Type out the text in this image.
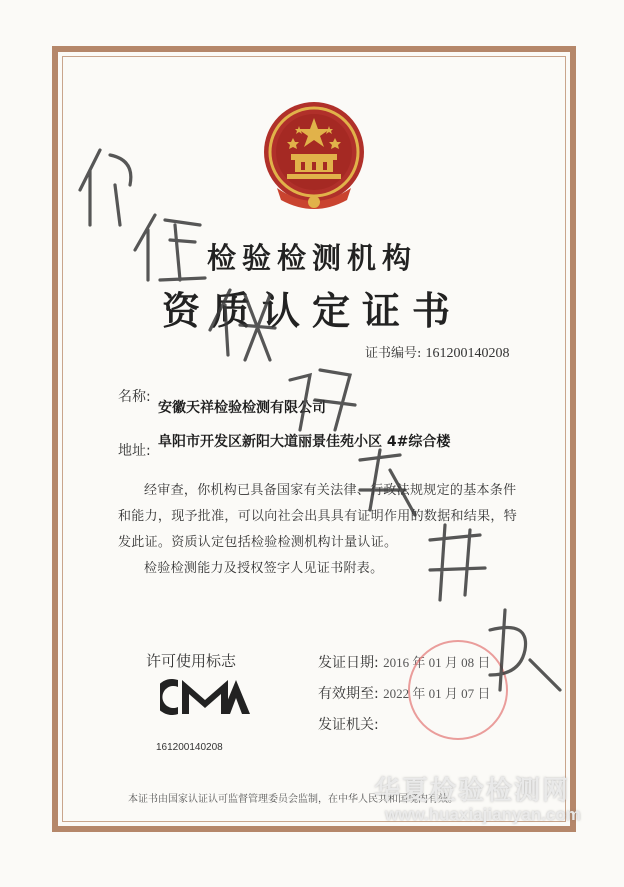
检验检测机构
资质认定证书
证书编号: 161200140208
名称:
安徽天祥检验检测有限公司
地址:
阜阳市开发区新阳大道丽景佳苑小区 4#综合楼

经审查，你机构已具备国家有关法律、行政法规规定的基本条件和能力，现予批准，可以向社会出具具有证明作用的数据和结果，特发此证。资质认定包括检验检测机构计量认证。

检验检测能力及授权签字人见证书附表。

许可使用标志
161200140208
发证日期: 2016 年 01 月 08 日
有效期至: 2022 年 01 月 07 日
发证机关:
本证书由国家认证认可监督管理委员会监制，在中华人民共和国境内有效。
华夏检验检测网
www.huaxiajianyan.com
